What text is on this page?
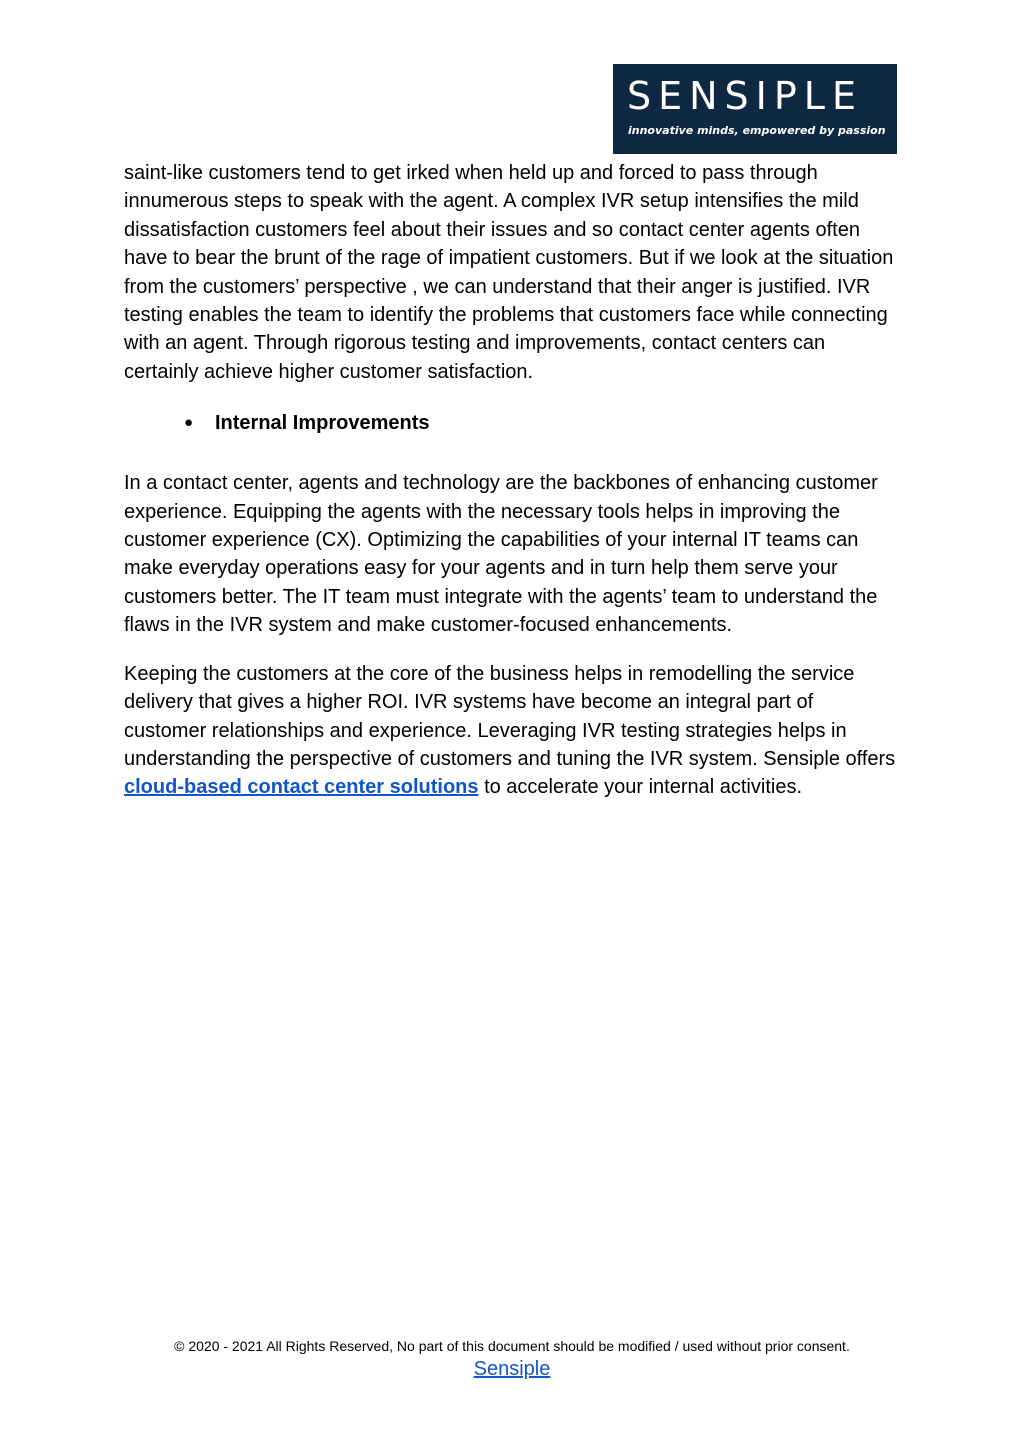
SENSIPLE
innovative minds, empowered by passion

saint-like customers tend to get irked when held up and forced to pass through innumerous steps to speak with the agent. A complex IVR setup intensifies the mild dissatisfaction customers feel about their issues and so contact center agents often have to bear the brunt of the rage of impatient customers. But if we look at the situation from the customers’ perspective , we can understand that their anger is justified. IVR testing enables the team to identify the problems that customers face while connecting with an agent. Through rigorous testing and improvements, contact centers can certainly achieve higher customer satisfaction.

● Internal Improvements

In a contact center, agents and technology are the backbones of enhancing customer experience. Equipping the agents with the necessary tools helps in improving the customer experience (CX). Optimizing the capabilities of your internal IT teams can make everyday operations easy for your agents and in turn help them serve your customers better. The IT team must integrate with the agents’ team to understand the flaws in the IVR system and make customer-focused enhancements.

Keeping the customers at the core of the business helps in remodelling the service delivery that gives a higher ROI. IVR systems have become an integral part of customer relationships and experience. Leveraging IVR testing strategies helps in understanding the perspective of customers and tuning the IVR system. Sensiple offers cloud-based contact center solutions to accelerate your internal activities.

© 2020 - 2021 All Rights Reserved, No part of this document should be modified / used without prior consent.
Sensiple
